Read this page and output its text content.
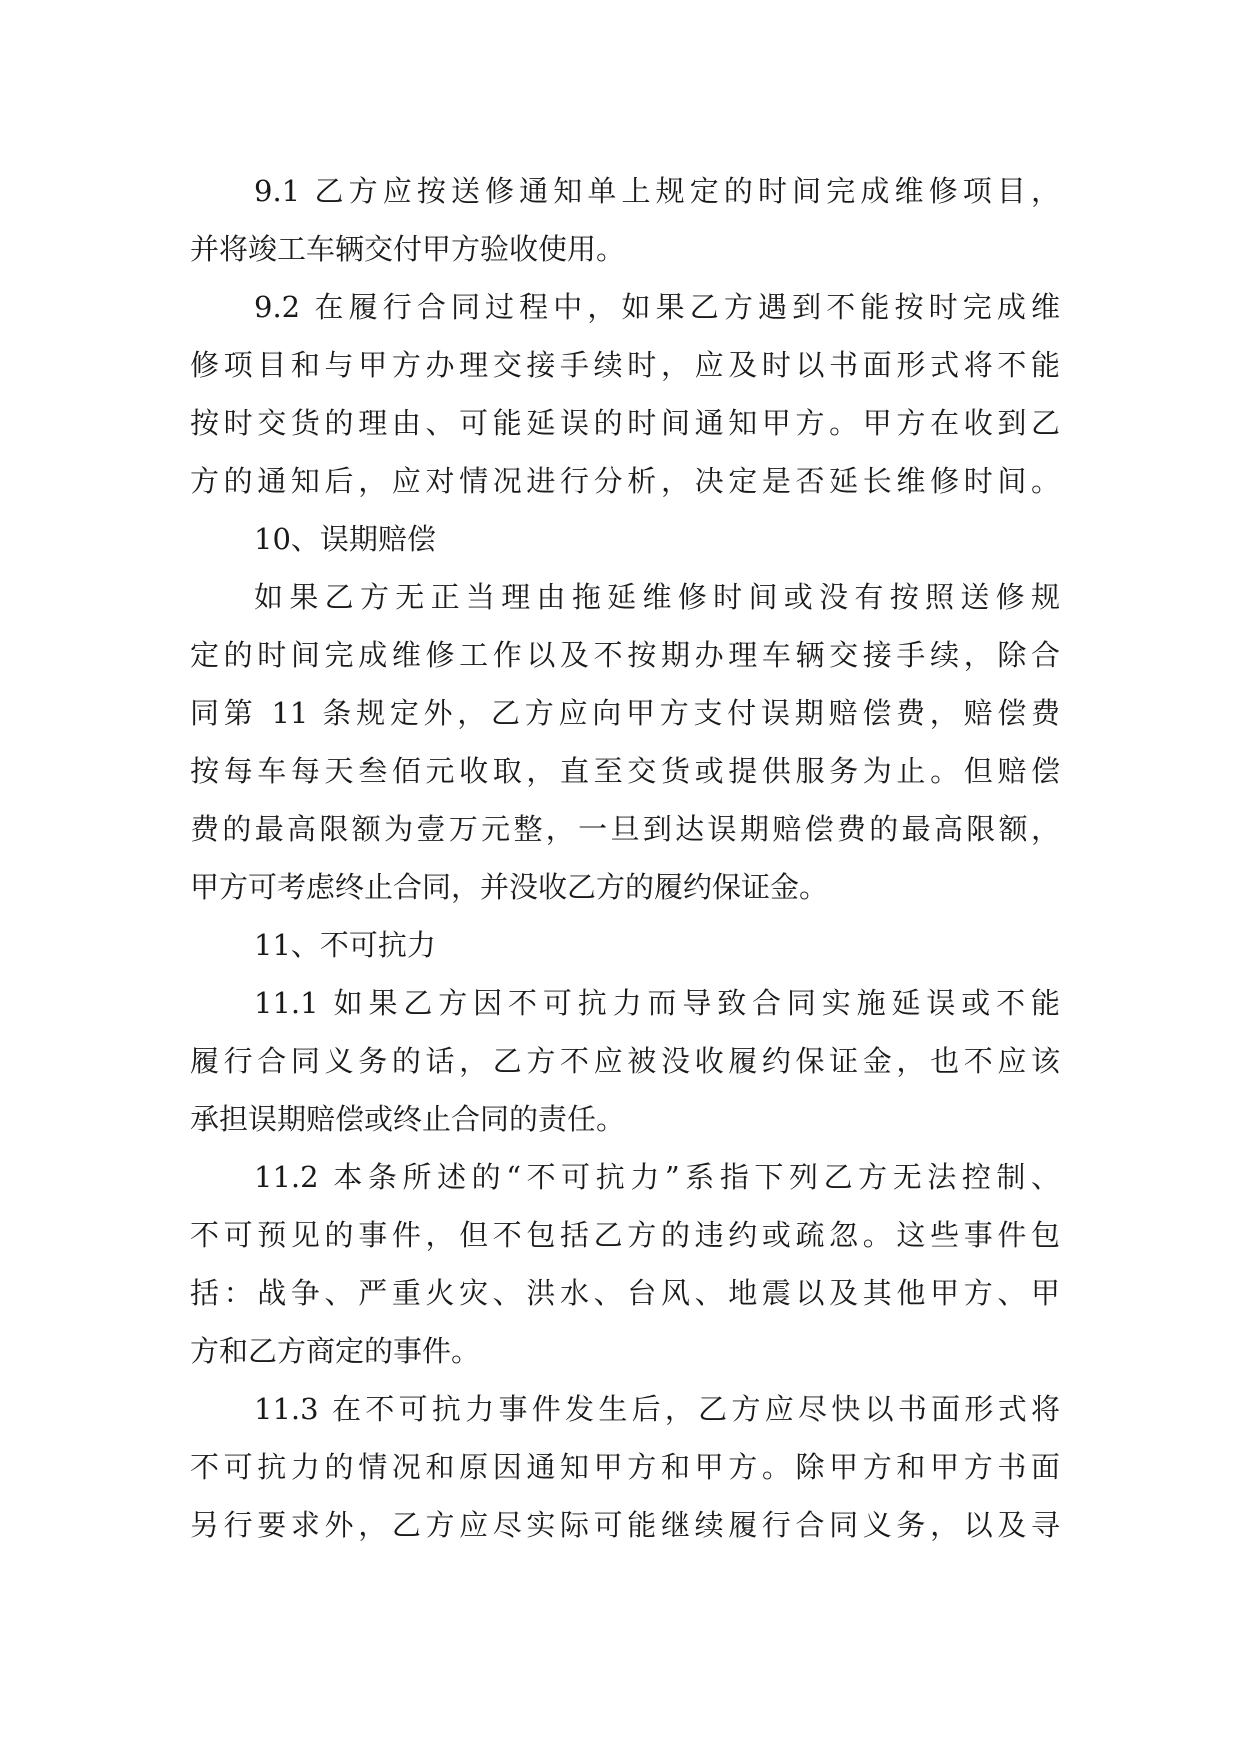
9.1 乙方应按送修通知单上规定的时间完成维修项目，
并将竣工车辆交付甲方验收使用。
9.2 在履行合同过程中，如果乙方遇到不能按时完成维
修项目和与甲方办理交接手续时，应及时以书面形式将不能
按时交货的理由、可能延误的时间通知甲方。甲方在收到乙
方的通知后，应对情况进行分析，决定是否延长维修时间。
10、误期赔偿
如果乙方无正当理由拖延维修时间或没有按照送修规
定的时间完成维修工作以及不按期办理车辆交接手续，除合
同第 11 条规定外，乙方应向甲方支付误期赔偿费，赔偿费
按每车每天叁佰元收取，直至交货或提供服务为止。但赔偿
费的最高限额为壹万元整，一旦到达误期赔偿费的最高限额，
甲方可考虑终止合同，并没收乙方的履约保证金。
11、不可抗力
11.1 如果乙方因不可抗力而导致合同实施延误或不能
履行合同义务的话，乙方不应被没收履约保证金，也不应该
承担误期赔偿或终止合同的责任。
11.2 本条所述的“不可抗力”系指下列乙方无法控制、
不可预见的事件，但不包括乙方的违约或疏忽。这些事件包
括：战争、严重火灾、洪水、台风、地震以及其他甲方、甲
方和乙方商定的事件。
11.3 在不可抗力事件发生后，乙方应尽快以书面形式将
不可抗力的情况和原因通知甲方和甲方。除甲方和甲方书面
另行要求外，乙方应尽实际可能继续履行合同义务，以及寻
